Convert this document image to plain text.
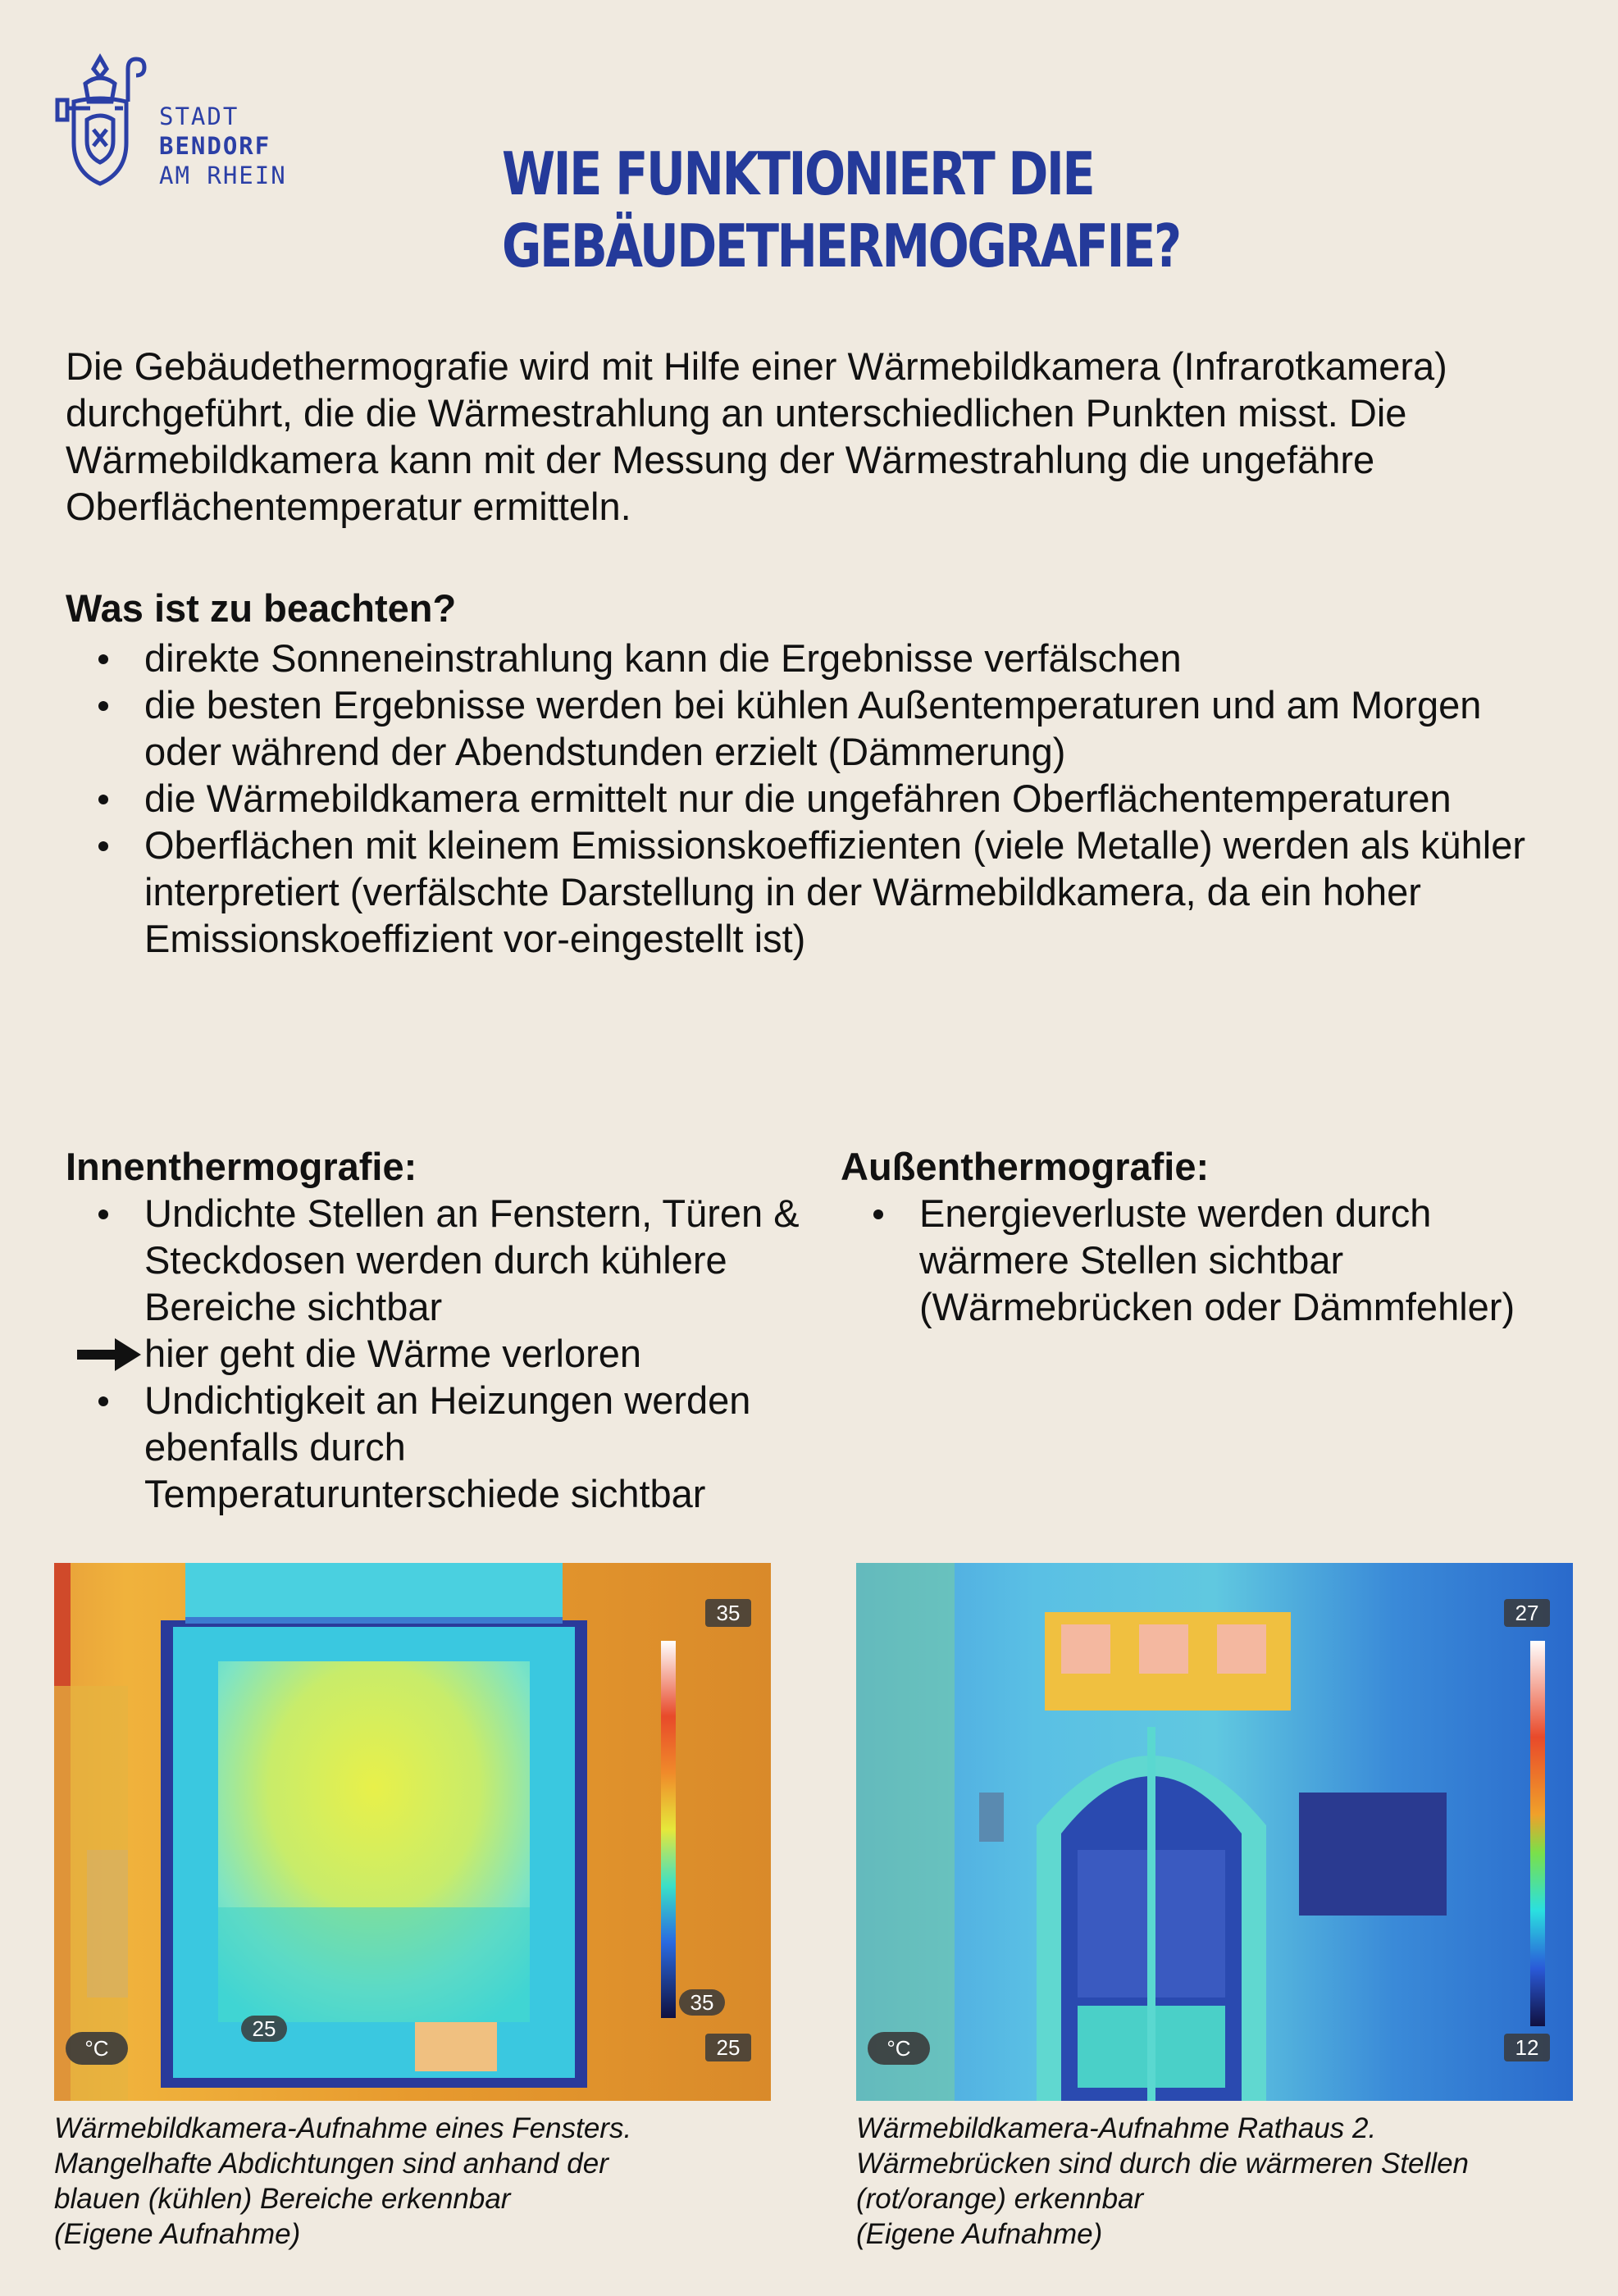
STADT
BENDORF
AM RHEIN	WIE FUNKTIONIERT DIE
GEBÄUDETHERMOGRAFIE?
Die Gebäudethermografie wird mit Hilfe einer Wärmebildkamera (Infrarotkamera) durchgeführt, die die Wärmestrahlung an unterschiedlichen Punkten misst. Die Wärmebildkamera kann mit der Messung der Wärmestrahlung die ungefähre Oberflächentemperatur ermitteln.
Was ist zu beachten?
direkte Sonneneinstrahlung kann die Ergebnisse verfälschen
die besten Ergebnisse werden bei kühlen Außentemperaturen und am Morgen oder während der Abendstunden erzielt (Dämmerung)
die Wärmebildkamera ermittelt nur die ungefähren Oberflächentemperaturen
Oberflächen mit kleinem Emissionskoeffizienten (viele Metalle) werden als kühler interpretiert (verfälschte Darstellung in der Wärmebildkamera, da ein hoher Emissionskoeffizient vor-eingestellt ist)
Innenthermografie:
Undichte Stellen an Fenstern, Türen & Steckdosen werden durch kühlere Bereiche sichtbar
hier geht die Wärme verloren
Undichtigkeit an Heizungen werden ebenfalls durch Temperaturunterschiede sichtbar
Außenthermografie:
Energieverluste werden durch wärmere Stellen sichtbar (Wärmebrücken oder Dämmfehler)
35
25
35
25
°C
27
12
°C
Wärmebildkamera-Aufnahme eines Fensters.
Mangelhafte Abdichtungen sind anhand der
blauen (kühlen) Bereiche erkennbar
(Eigene Aufnahme)
Wärmebildkamera-Aufnahme Rathaus 2.
Wärmebrücken sind durch die wärmeren Stellen
(rot/orange) erkennbar
(Eigene Aufnahme)
